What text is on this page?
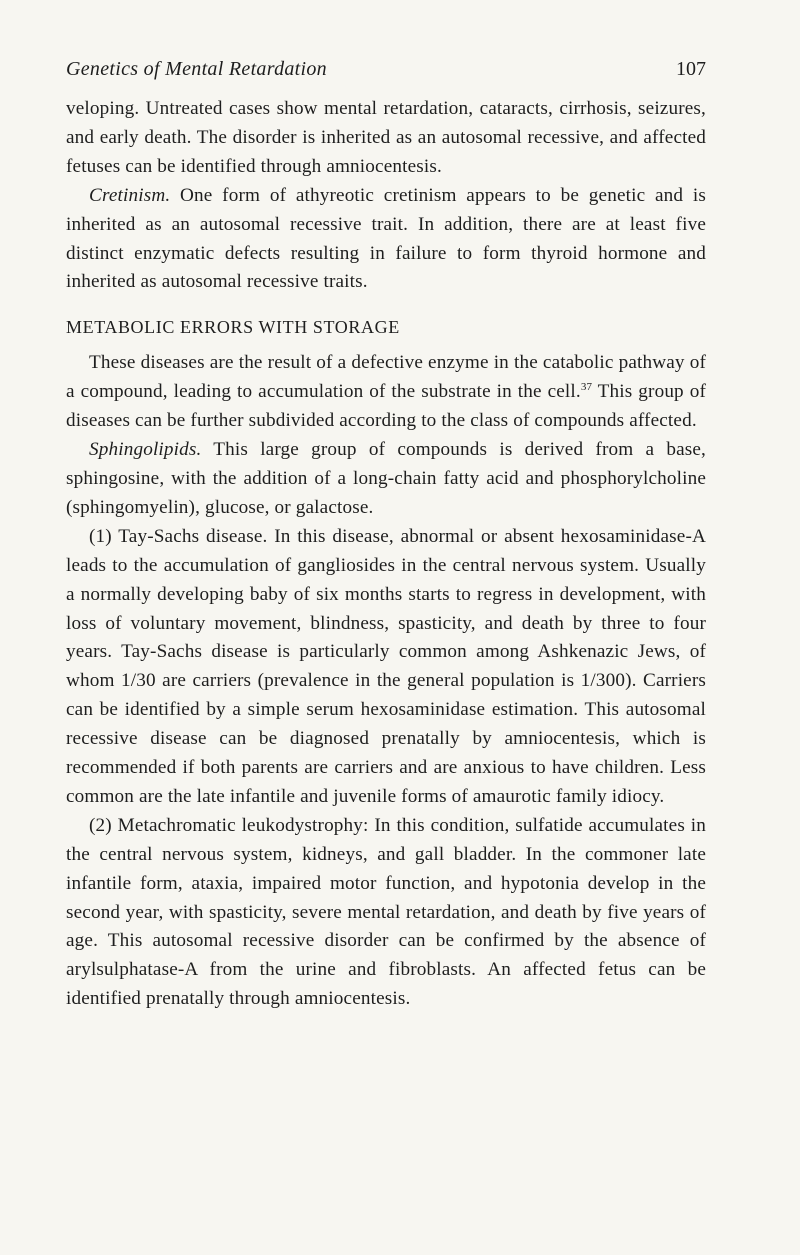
Genetics of Mental Retardation	107

veloping. Untreated cases show mental retardation, cataracts, cirrhosis, seizures, and early death. The disorder is inherited as an autosomal recessive, and affected fetuses can be identified through amniocentesis.

Cretinism. One form of athyreotic cretinism appears to be genetic and is inherited as an autosomal recessive trait. In addition, there are at least five distinct enzymatic defects resulting in failure to form thyroid hormone and inherited as autosomal recessive traits.

METABOLIC ERRORS WITH STORAGE

These diseases are the result of a defective enzyme in the catabolic pathway of a compound, leading to accumulation of the substrate in the cell.$^{37}$ This group of diseases can be further subdivided according to the class of compounds affected.

Sphingolipids. This large group of compounds is derived from a base, sphingosine, with the addition of a long-chain fatty acid and phosphorylcholine (sphingomyelin), glucose, or galactose.

(1) Tay-Sachs disease. In this disease, abnormal or absent hexosaminidase-A leads to the accumulation of gangliosides in the central nervous system. Usually a normally developing baby of six months starts to regress in development, with loss of voluntary movement, blindness, spasticity, and death by three to four years. Tay-Sachs disease is particularly common among Ashkenazic Jews, of whom 1/30 are carriers (prevalence in the general population is 1/300). Carriers can be identified by a simple serum hexosaminidase estimation. This autosomal recessive disease can be diagnosed prenatally by amniocentesis, which is recommended if both parents are carriers and are anxious to have children. Less common are the late infantile and juvenile forms of amaurotic family idiocy.

(2) Metachromatic leukodystrophy: In this condition, sulfatide accumulates in the central nervous system, kidneys, and gall bladder. In the commoner late infantile form, ataxia, impaired motor function, and hypotonia develop in the second year, with spasticity, severe mental retardation, and death by five years of age. This autosomal recessive disorder can be confirmed by the absence of arylsulphatase-A from the urine and fibroblasts. An affected fetus can be identified prenatally through amniocentesis.
